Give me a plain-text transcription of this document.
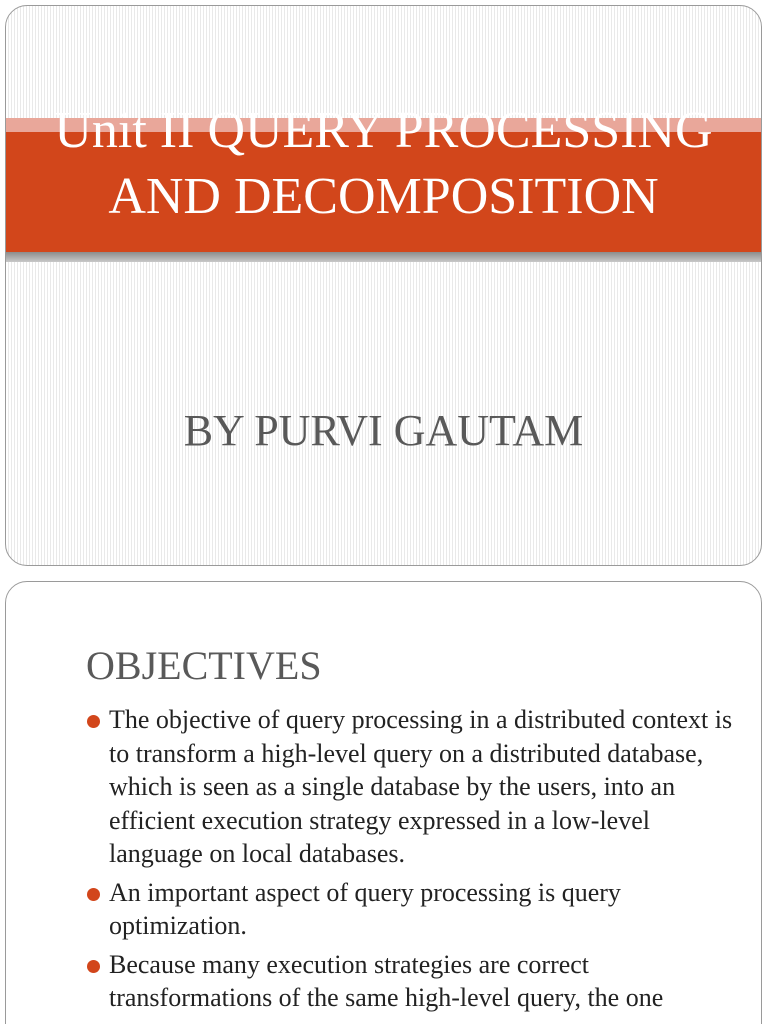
Unit II QUERY PROCESSING AND DECOMPOSITION
BY PURVI GAUTAM
OBJECTIVES
The objective of query processing in a distributed context is to transform a high-level query on a distributed database, which is seen as a single database by the users, into an efficient execution strategy expressed in a low-level language on local databases.
An important aspect of query processing is query optimization.
Because many execution strategies are correct transformations of the same high-level query, the one
